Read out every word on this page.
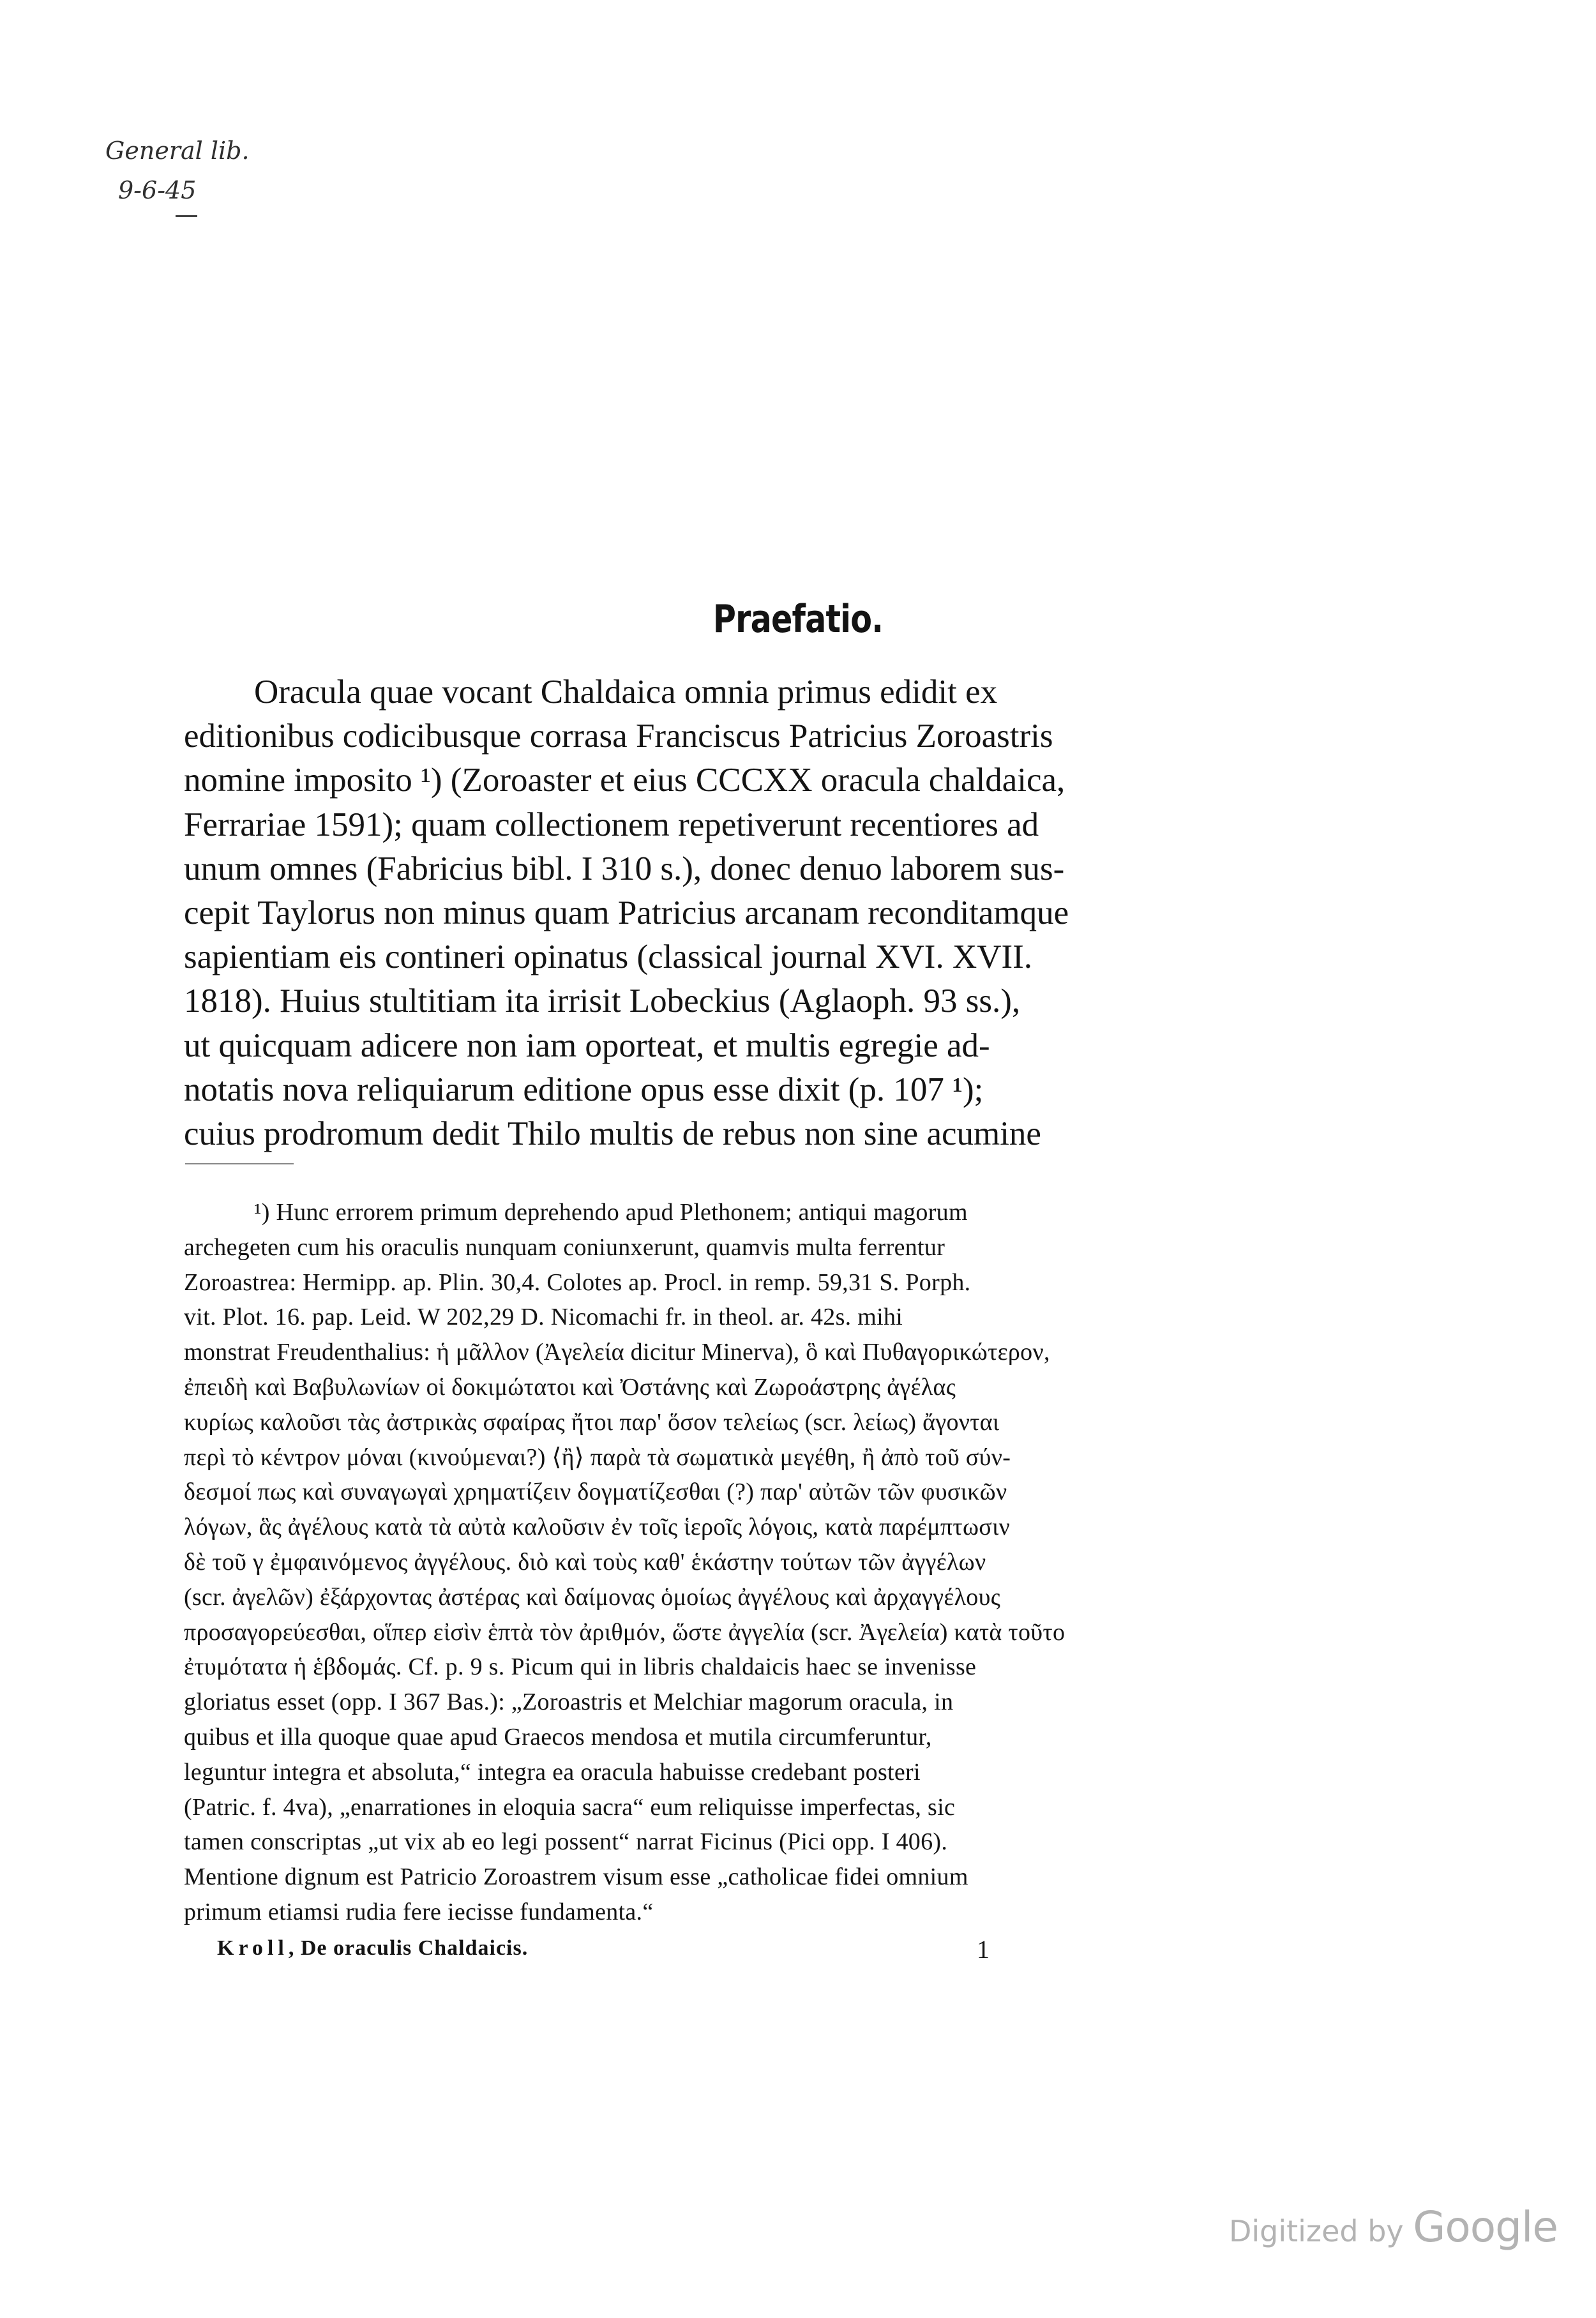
General lib.
9-6-45
Praefatio.
Oracula quae vocant Chaldaica omnia primus edidit ex
editionibus codicibusque corrasa Franciscus Patricius Zoroastris
nomine imposito ¹) (Zoroaster et eius CCCXX oracula chaldaica,
Ferrariae 1591); quam collectionem repetiverunt recentiores ad
unum omnes (Fabricius bibl. I 310 s.), donec denuo laborem sus-
cepit Taylorus non minus quam Patricius arcanam reconditamque
sapientiam eis contineri opinatus (classical journal XVI. XVII.
1818). Huius stultitiam ita irrisit Lobeckius (Aglaoph. 93 ss.),
ut quicquam adicere non iam oporteat, et multis egregie ad-
notatis nova reliquiarum editione opus esse dixit (p. 107 ¹);
cuius prodromum dedit Thilo multis de rebus non sine acumine
¹) Hunc errorem primum deprehendo apud Plethonem; antiqui magorum
archegeten cum his oraculis nunquam coniunxerunt, quamvis multa ferrentur
Zoroastrea: Hermipp. ap. Plin. 30,4. Colotes ap. Procl. in remp. 59,31 S. Porph.
vit. Plot. 16. pap. Leid. W 202,29 D. Nicomachi fr. in theol. ar. 42s. mihi
monstrat Freudenthalius: ἡ μᾶλλον (Ἀγελεία dicitur Minerva), ὃ καὶ Πυθαγορικώτερον,
ἐπειδὴ καὶ Βαβυλωνίων οἱ δοκιμώτατοι καὶ Ὀστάνης καὶ Ζωροάστρης ἀγέλας
κυρίως καλοῦσι τὰς ἀστρικὰς σφαίρας ἤτοι παρ' ὅσον τελείως (scr. λείως) ἄγονται
περὶ τὸ κέντρον μόναι (κινούμεναι?) ⟨ἢ⟩ παρὰ τὰ σωματικὰ μεγέθη, ἢ ἀπὸ τοῦ σύν-
δεσμοί πως καὶ συναγωγαὶ χρηματίζειν δογματίζεσθαι (?) παρ' αὐτῶν τῶν φυσικῶν
λόγων, ἃς ἀγέλους κατὰ τὰ αὐτὰ καλοῦσιν ἐν τοῖς ἱεροῖς λόγοις, κατὰ παρέμπτωσιν
δὲ τοῦ γ ἐμφαινόμενος ἀγγέλους. διὸ καὶ τοὺς καθ' ἑκάστην τούτων τῶν ἀγγέλων
(scr. ἀγελῶν) ἐξάρχοντας ἀστέρας καὶ δαίμονας ὁμοίως ἀγγέλους καὶ ἀρχαγγέλους
προσαγορεύεσθαι, οἵπερ εἰσὶν ἑπτὰ τὸν ἀριθμόν, ὥστε ἀγγελία (scr. Ἀγελεία) κατὰ τοῦτο
ἐτυμότατα ἡ ἑβδομάς. Cf. p. 9 s. Picum qui in libris chaldaicis haec se invenisse
gloriatus esset (opp. I 367 Bas.): „Zoroastris et Melchiar magorum oracula, in
quibus et illa quoque quae apud Graecos mendosa et mutila circumferuntur,
leguntur integra et absoluta,“ integra ea oracula habuisse credebant posteri
(Patric. f. 4va), „enarrationes in eloquia sacra“ eum reliquisse imperfectas, sic
tamen conscriptas „ut vix ab eo legi possent“ narrat Ficinus (Pici opp. I 406).
Mentione dignum est Patricio Zoroastrem visum esse „catholicae fidei omnium
primum etiamsi rudia fere iecisse fundamenta.“
Kroll, De oraculis Chaldaicis.	1
Digitized by Google
